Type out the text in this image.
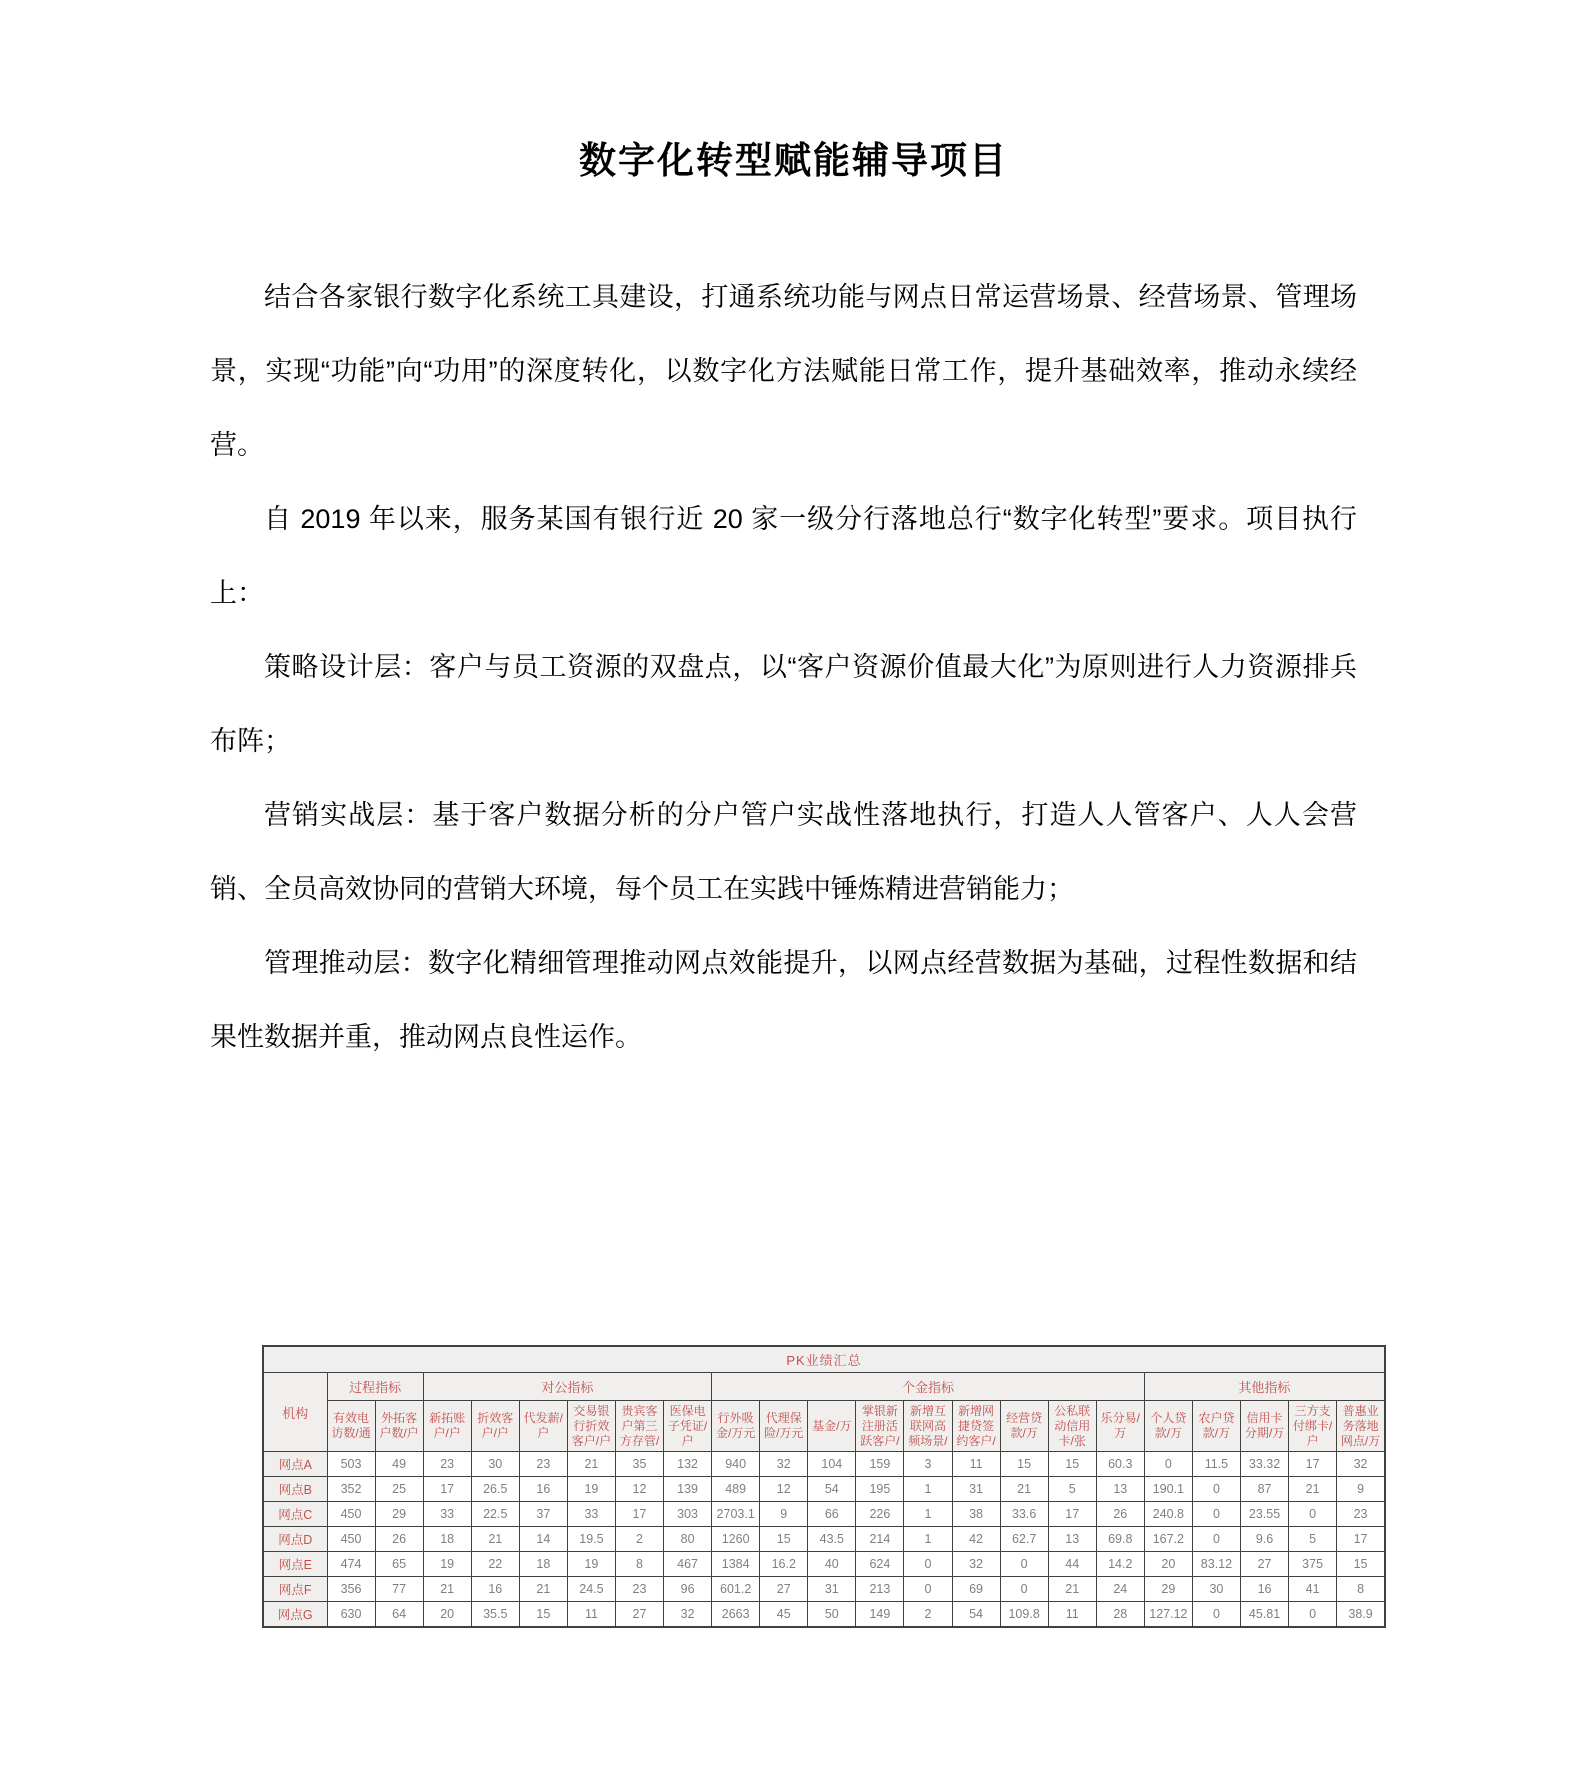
数字化转型赋能辅导项目

结合各家银行数字化系统工具建设，打通系统功能与网点日常运营场景、经营场景、管理场景，实现“功能”向“功用”的深度转化，以数字化方法赋能日常工作，提升基础效率，推动永续经营。

自 2019 年以来，服务某国有银行近 20 家一级分行落地总行“数字化转型”要求。项目执行上：

策略设计层：客户与员工资源的双盘点，以“客户资源价值最大化”为原则进行人力资源排兵布阵；

营销实战层：基于客户数据分析的分户管户实战性落地执行，打造人人管客户、人人会营销、全员高效协同的营销大环境，每个员工在实践中锤炼精进营销能力；

管理推动层：数字化精细管理推动网点效能提升，以网点经营数据为基础，过程性数据和结果性数据并重，推动网点良性运作。

PK业绩汇总																						
机构	过程指标		对公指标						个金指标									其他指标				
	有效电访数/通	外拓客户数/户	新拓账户/户	折效客户/户	代发薪/户	交易银行折效客户/户	贵宾客户第三方存管/	医保电子凭证/户	行外吸金/万元	代理保险/万元	基金/万	掌银新注册活跃客户/	新增互联网高频场景/	新增网捷贷签约客户/	经营贷款/万	公私联动信用卡/张	乐分易/万	个人贷款/万	农户贷款/万	信用卡分期/万	三方支付绑卡/户	普惠业务落地网点/万
网点A	503	49	23	30	23	21	35	132	940	32	104	159	3	11	15	15	60.3	0	11.5	33.32	17	32
网点B	352	25	17	26.5	16	19	12	139	489	12	54	195	1	31	21	5	13	190.1	0	87	21	9
网点C	450	29	33	22.5	37	33	17	303	2703.1	9	66	226	1	38	33.6	17	26	240.8	0	23.55	0	23
网点D	450	26	18	21	14	19.5	2	80	1260	15	43.5	214	1	42	62.7	13	69.8	167.2	0	9.6	5	17
网点E	474	65	19	22	18	19	8	467	1384	16.2	40	624	0	32	0	44	14.2	20	83.12	27	375	15
网点F	356	77	21	16	21	24.5	23	96	601.2	27	31	213	0	69	0	21	24	29	30	16	41	8
网点G	630	64	20	35.5	15	11	27	32	2663	45	50	149	2	54	109.8	11	28	127.12	0	45.81	0	38.9
